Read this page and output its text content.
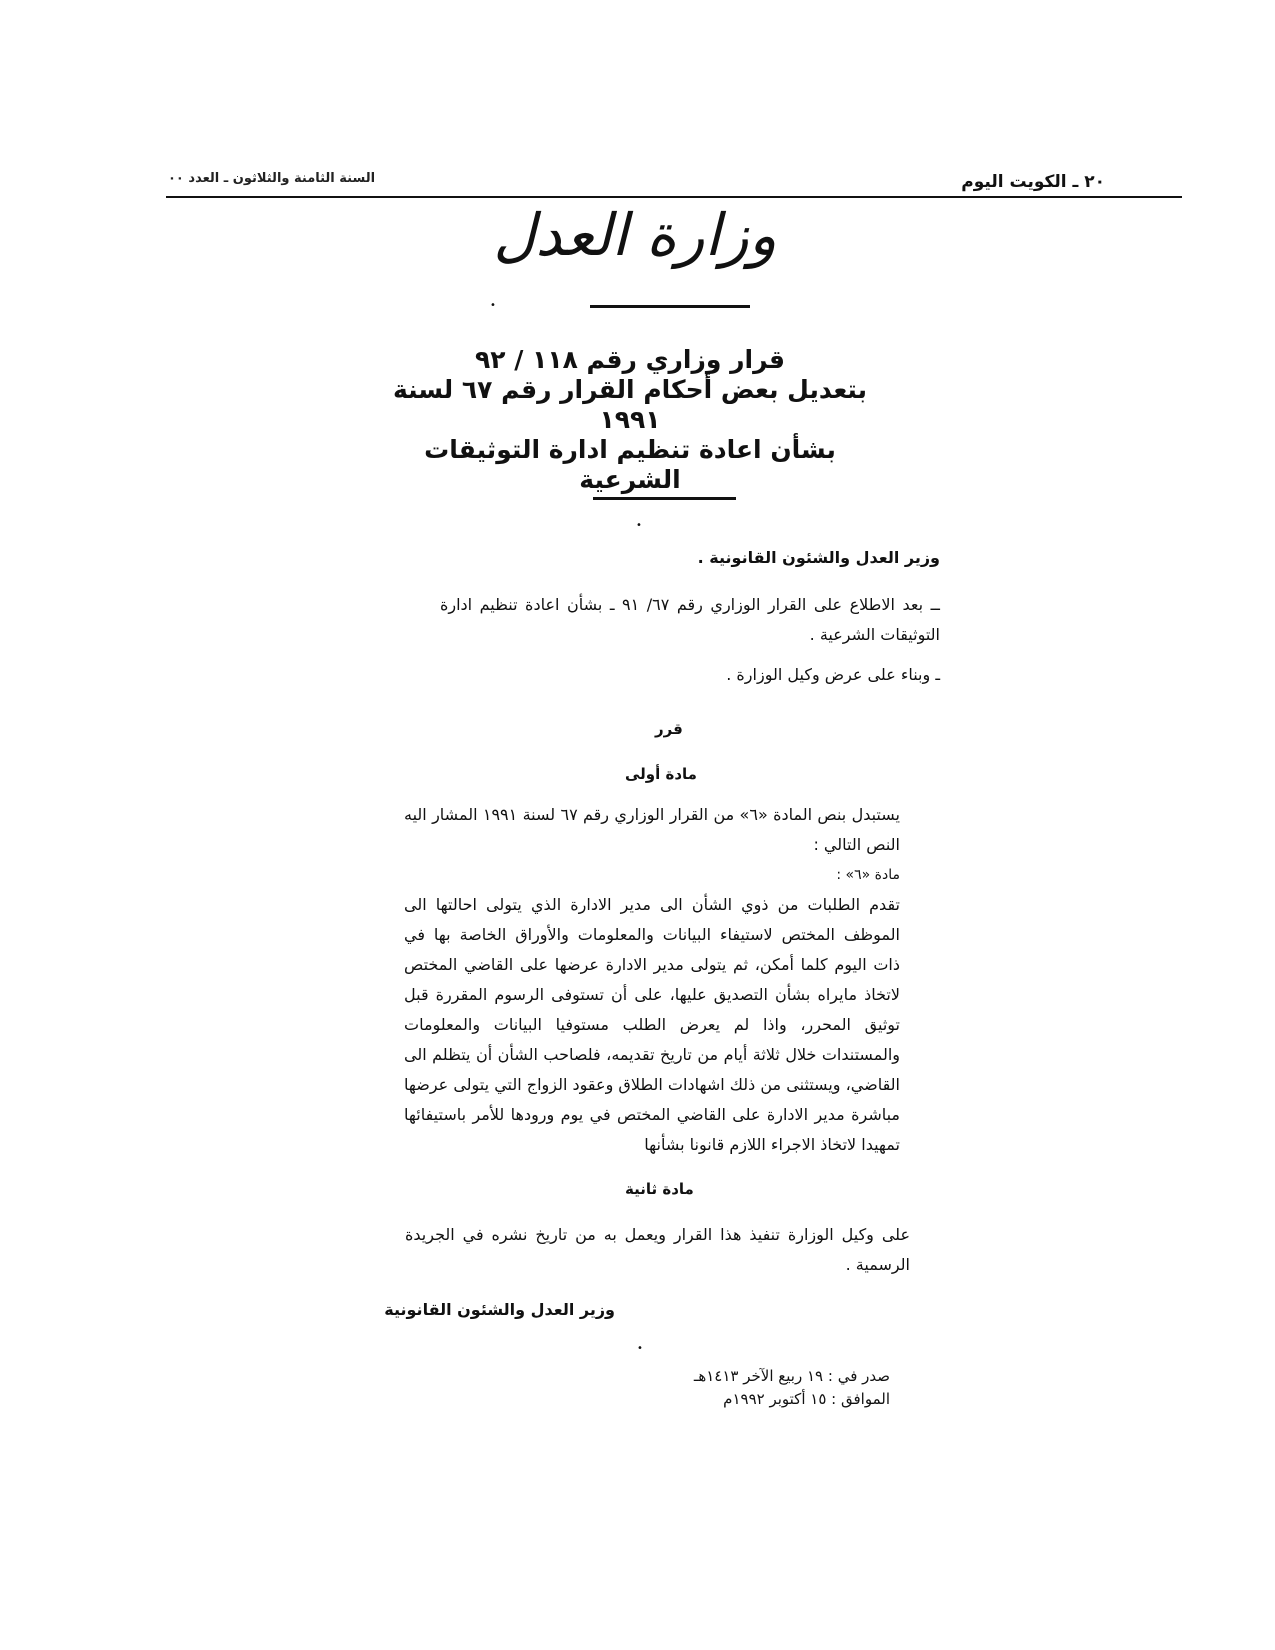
٢٠ ـ الكويت اليوم
السنة الثامنة والثلاثون ـ العدد ٠٠
وزارة العدل
•
قرار وزاري رقم ١١٨ / ٩٢
بتعديل بعض أحكام القرار رقم ٦٧ لسنة ١٩٩١
بشأن اعادة تنظيم ادارة التوثيقات الشرعية
•
وزير العدل والشئون القانونية .
ــ بعد الاطلاع على القرار الوزاري رقم ٦٧/ ٩١ ـ بشأن اعادة تنظيم ادارة التوثيقات الشرعية .
ـ وبناء على عرض وكيل الوزارة .
قرر
مادة أولى
يستبدل بنص المادة «٦» من القرار الوزاري رقم ٦٧ لسنة ١٩٩١ المشار اليه النص التالي :
مادة «٦» :
تقدم الطلبات من ذوي الشأن الى مدير الادارة الذي يتولى احالتها الى الموظف المختص لاستيفاء البيانات والمعلومات والأوراق الخاصة بها في ذات اليوم كلما أمكن، ثم يتولى مدير الادارة عرضها على القاضي المختص لاتخاذ مايراه بشأن التصديق عليها، على أن تستوفى الرسوم المقررة قبل توثيق المحرر، واذا لم يعرض الطلب مستوفيا البيانات والمعلومات والمستندات خلال ثلاثة أيام من تاريخ تقديمه، فلصاحب الشأن أن يتظلم الى القاضي، ويستثنى من ذلك اشهادات الطلاق وعقود الزواج التي يتولى عرضها مباشرة مدير الادارة على القاضي المختص في يوم ورودها للأمر باستيفائها تمهيدا لاتخاذ الاجراء اللازم قانونا بشأنها
مادة ثانية
على وكيل الوزارة تنفيذ هذا القرار ويعمل به من تاريخ نشره في الجريدة الرسمية .
وزير العدل والشئون القانونية
•
صدر في : ١٩ ربيع الآخر ١٤١٣هـ
الموافق : ١٥ أكتوبر ١٩٩٢م
